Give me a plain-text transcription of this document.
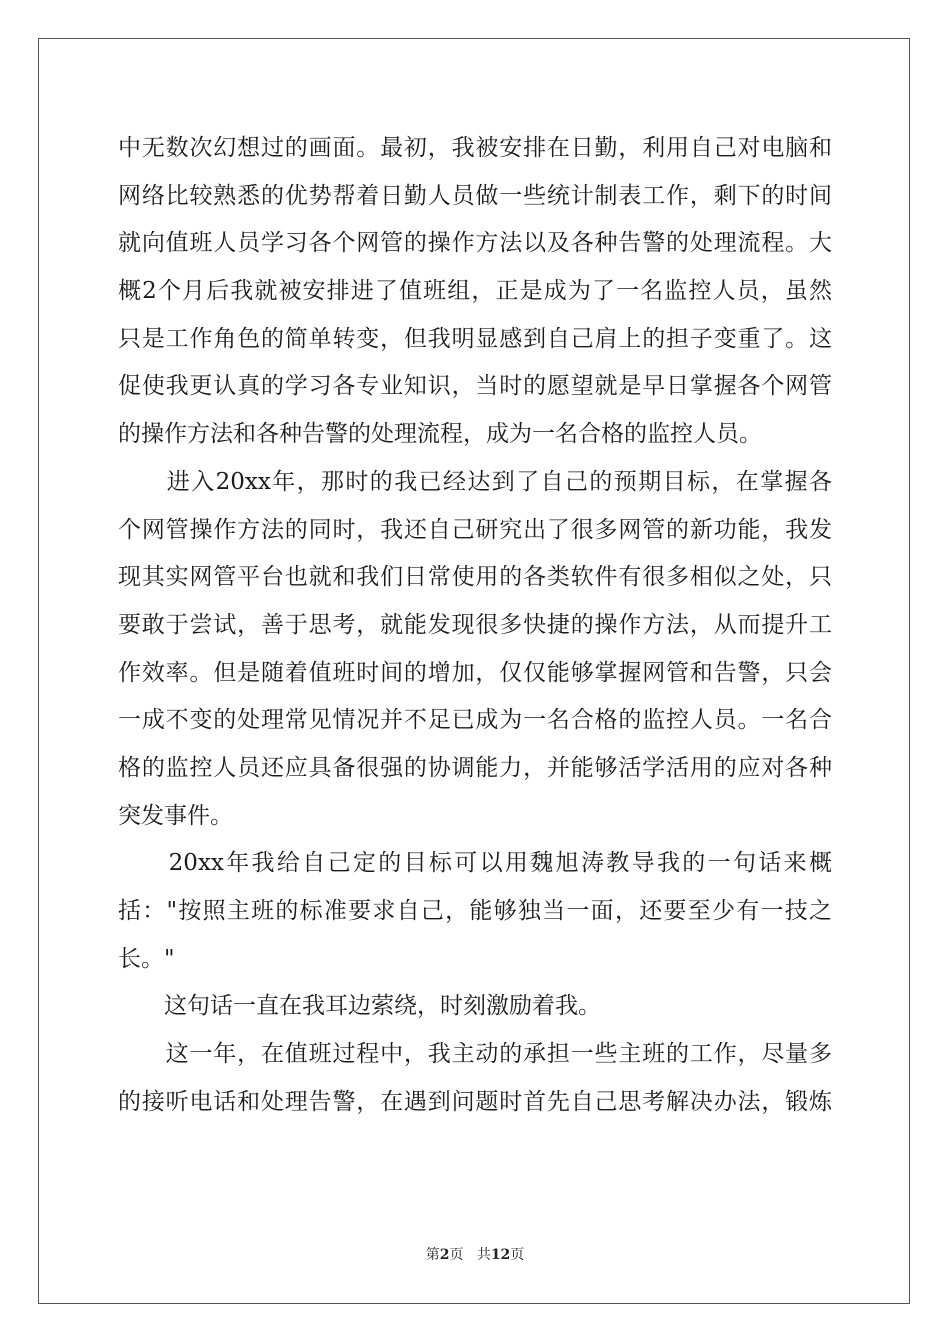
中无数次幻想过的画面。最初，我被安排在日勤，利用自己对电脑和
网络比较熟悉的优势帮着日勤人员做一些统计制表工作，剩下的时间
就向值班人员学习各个网管的操作方法以及各种告警的处理流程。大
概2个月后我就被安排进了值班组，正是成为了一名监控人员，虽然
只是工作角色的简单转变，但我明显感到自己肩上的担子变重了。这
促使我更认真的学习各专业知识，当时的愿望就是早日掌握各个网管
的操作方法和各种告警的处理流程，成为一名合格的监控人员。
　　进入20xx年，那时的我已经达到了自己的预期目标，在掌握各
个网管操作方法的同时，我还自己研究出了很多网管的新功能，我发
现其实网管平台也就和我们日常使用的各类软件有很多相似之处，只
要敢于尝试，善于思考，就能发现很多快捷的操作方法，从而提升工
作效率。但是随着值班时间的增加，仅仅能够掌握网管和告警，只会
一成不变的处理常见情况并不足已成为一名合格的监控人员。一名合
格的监控人员还应具备很强的协调能力，并能够活学活用的应对各种
突发事件。
　　20xx年我给自己定的目标可以用魏旭涛教导我的一句话来概
括："按照主班的标准要求自己，能够独当一面，还要至少有一技之
长。"
　　这句话一直在我耳边萦绕，时刻激励着我。
　　这一年，在值班过程中，我主动的承担一些主班的工作，尽量多
的接听电话和处理告警，在遇到问题时首先自己思考解决办法，锻炼
第2页 共12页
